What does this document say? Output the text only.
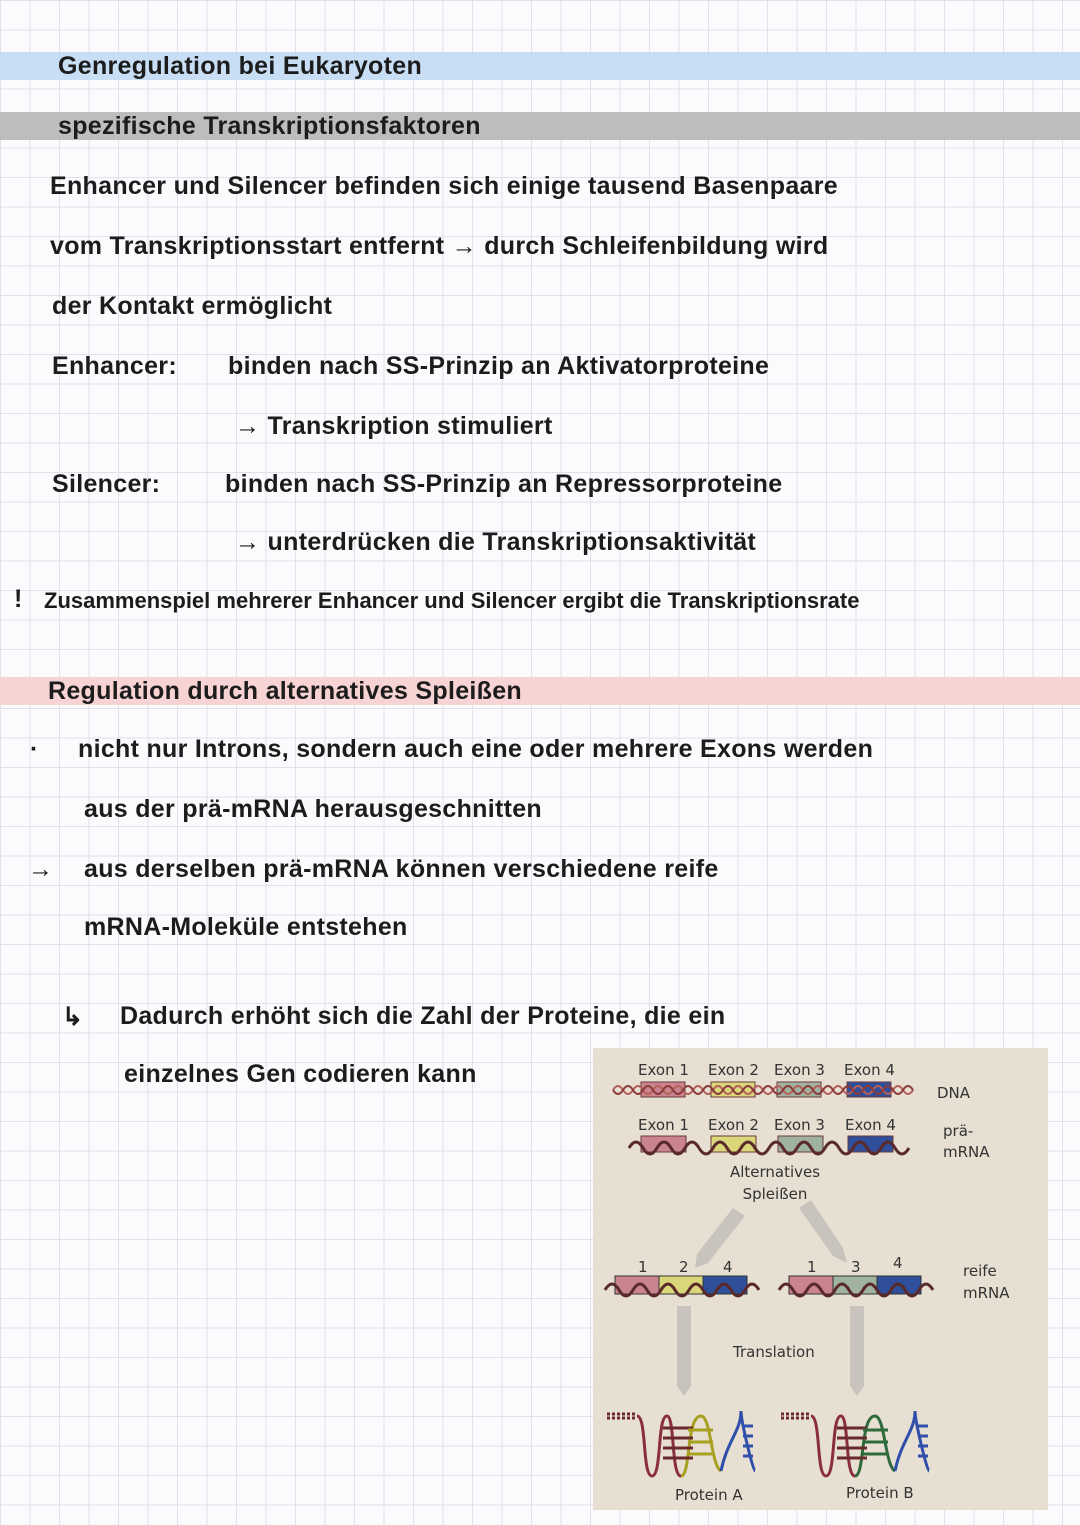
Genregulation bei Eukaryoten
spezifische Transkriptionsfaktoren
Enhancer und Silencer befinden sich einige tausend Basenpaare
vom Transkriptionsstart entfernt → durch Schleifenbildung wird
der Kontakt ermöglicht
Enhancer: binden nach SS-Prinzip an Aktivatorproteine
→ Transkription stimuliert
Silencer:	binden nach SS-Prinzip an Repressorproteine
→ unterdrücken die Transkriptionsaktivität
! Zusammenspiel mehrerer Enhancer und Silencer ergibt die Transkriptionsrate
Regulation durch alternatives Spleißen
· nicht nur Introns, sondern auch eine oder mehrere Exons werden
aus der prä-mRNA herausgeschnitten
→ aus derselben prä-mRNA können verschiedene reife
mRNA-Moleküle entstehen
↳ Dadurch erhöht sich die Zahl der Proteine, die ein
einzelnes Gen codieren kann	Exon 1 Exon 2 Exon 3 Exon 4
DNA
Exon 1 Exon 2 Exon 3 Exon 4	prä-
mRNA
Alternatives
Spleißen
reife
mRNA
Translation
Protein A	Protein B
1 2 4	1 3 4
